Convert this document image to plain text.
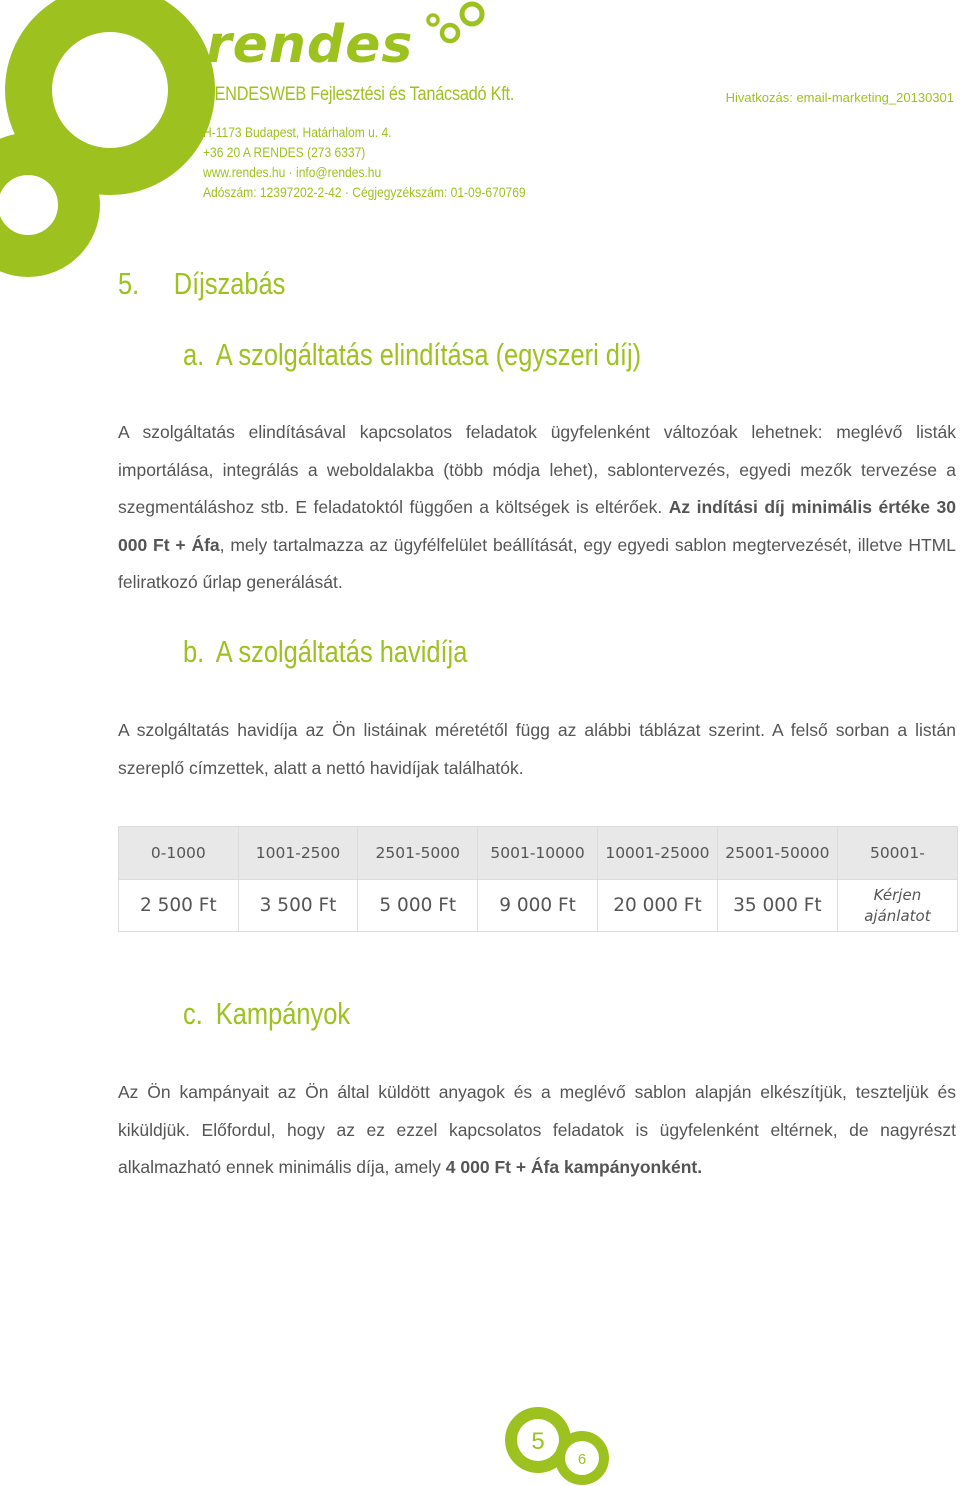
rendes
RENDESWEB Fejlesztési és Tanácsadó Kft.	Hivatkozás: email-marketing_20130301
H-1173 Budapest, Határhalom u. 4.
+36 20 A RENDES (273 6337)
www.rendes.hu · info@rendes.hu
Adószám: 12397202-2-42 · Cégjegyzékszám: 01-09-670769
5. Díjszabás
a. A szolgáltatás elindítása (egyszeri díj)

A szolgáltatás elindításával kapcsolatos feladatok ügyfelenként változóak lehetnek: meglévő listák importálása, integrálás a weboldalakba (több módja lehet), sablontervezés, egyedi mezők tervezése a szegmentáláshoz stb. E feladatoktól függően a költségek is eltérőek. Az indítási díj minimális értéke 30 000 Ft + Áfa, mely tartalmazza az ügyfélfelület beállítását, egy egyedi sablon megtervezését, illetve HTML feliratkozó űrlap generálását.

b. A szolgáltatás havidíja

A szolgáltatás havidíja az Ön listáinak méretétől függ az alábbi táblázat szerint. A felső sorban a listán szereplő címzettek, alatt a nettó havidíjak találhatók.

0-1000	1001-2500	2501-5000	5001-10000	10001-25000	25001-50000	50001-
2 500 Ft	3 500 Ft	5 000 Ft	9 000 Ft	20 000 Ft	35 000 Ft	Kérjen
ajánlatot
c. Kampányok

Az Ön kampányait az Ön által küldött anyagok és a meglévő sablon alapján elkészítjük, teszteljük és kiküldjük. Előfordul, hogy az ez ezzel kapcsolatos feladatok is ügyfelenként eltérnek, de nagyrészt alkalmazható ennek minimális díja, amely 4 000 Ft + Áfa kampányonként.

5
6
